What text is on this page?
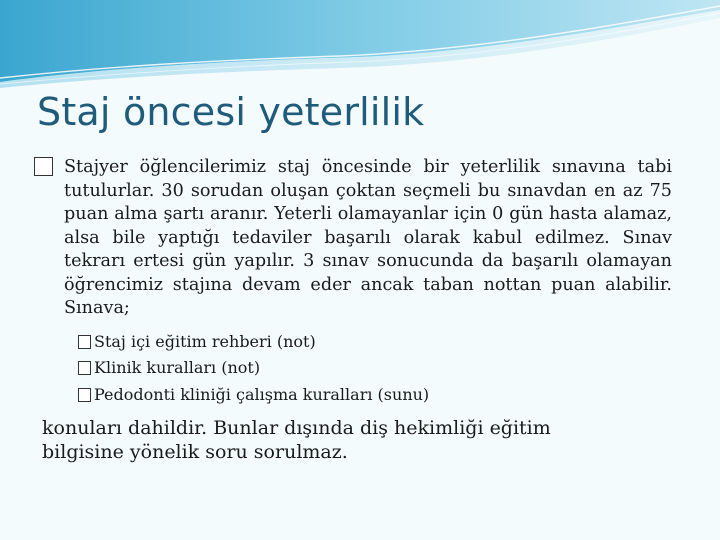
Staj öncesi yeterlilik
Stajyer öğlencilerimiz staj öncesinde bir yeterlilik sınavına tabi tutulurlar. 30 sorudan oluşan çoktan seçmeli bu sınavdan en az 75 puan alma şartı aranır. Yeterli olamayanlar için 0 gün hasta alamaz, alsa bile yaptığı tedaviler başarılı olarak kabul edilmez. Sınav tekrarı ertesi gün yapılır. 3 sınav sonucunda da başarılı olamayan öğrencimiz stajına devam eder ancak taban nottan puan alabilir. Sınava;
Staj içi eğitim rehberi (not)
Klinik kuralları (not)
Pedodonti kliniği çalışma kuralları (sunu)
konuları dahildir. Bunlar dışında diş hekimliği eğitim bilgisine yönelik soru sorulmaz.
